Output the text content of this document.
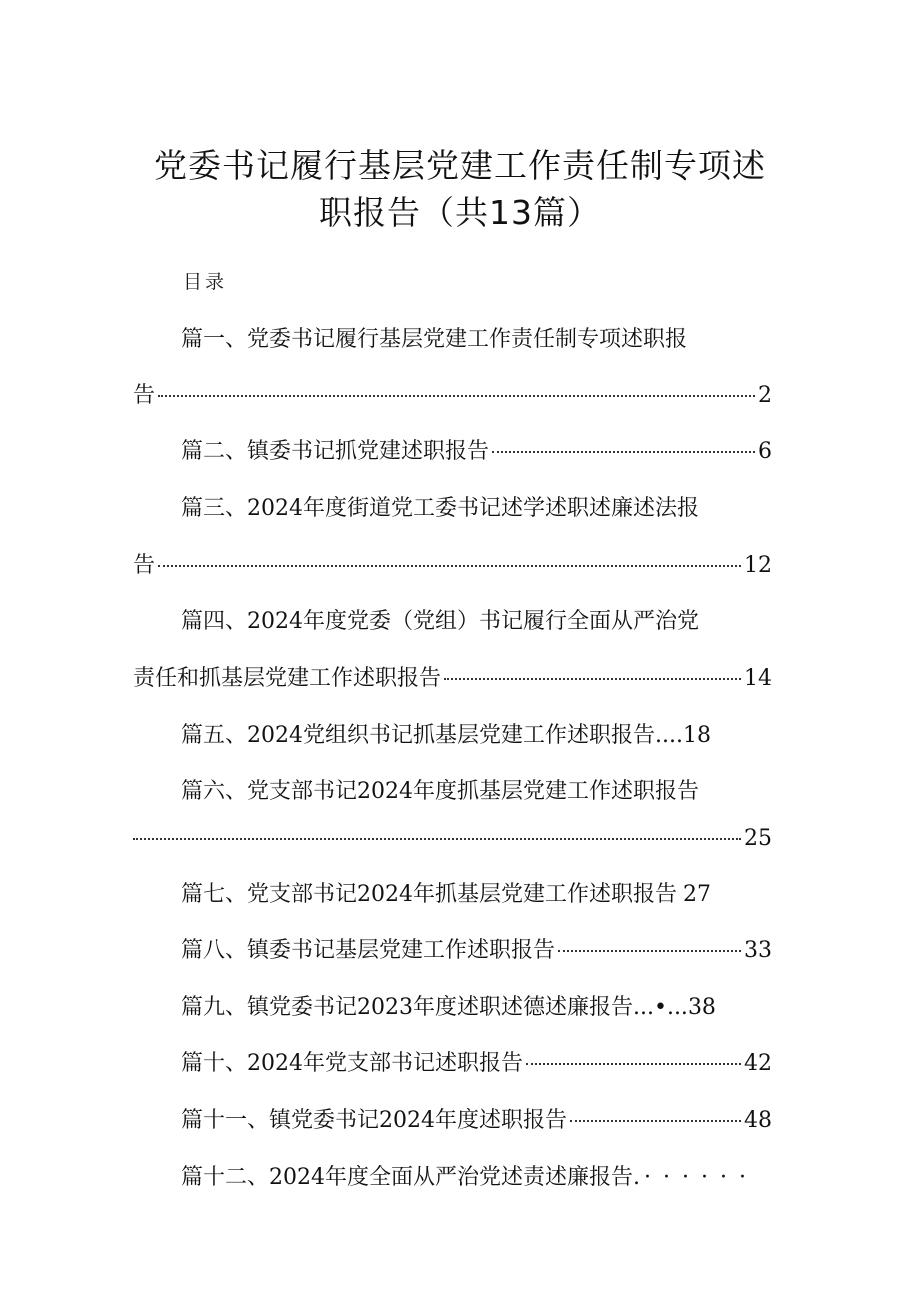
党委书记履行基层党建工作责任制专项述
职报告（共13篇）
目录
篇一、党委书记履行基层党建工作责任制专项述职报
告	2
篇二、镇委书记抓党建述职报告	6
篇三、2024年度街道党工委书记述学述职述廉述法报
告	12
篇四、2024年度党委（党组）书记履行全面从严治党
责任和抓基层党建工作述职报告	14
篇五、2024党组织书记抓基层党建工作述职报告.... 18
篇六、党支部书记2024年度抓基层党建工作述职报告
25
篇七、党支部书记2024年抓基层党建工作述职报告 27
篇八、镇委书记基层党建工作述职报告	33
篇九、镇党委书记2023年度述职述德述廉报告...•... 38
篇十、2024年党支部书记述职报告	42
篇十一、镇党委书记2024年度述职报告	48
篇十二、2024年度全面从严治党述责述廉报告. ······
